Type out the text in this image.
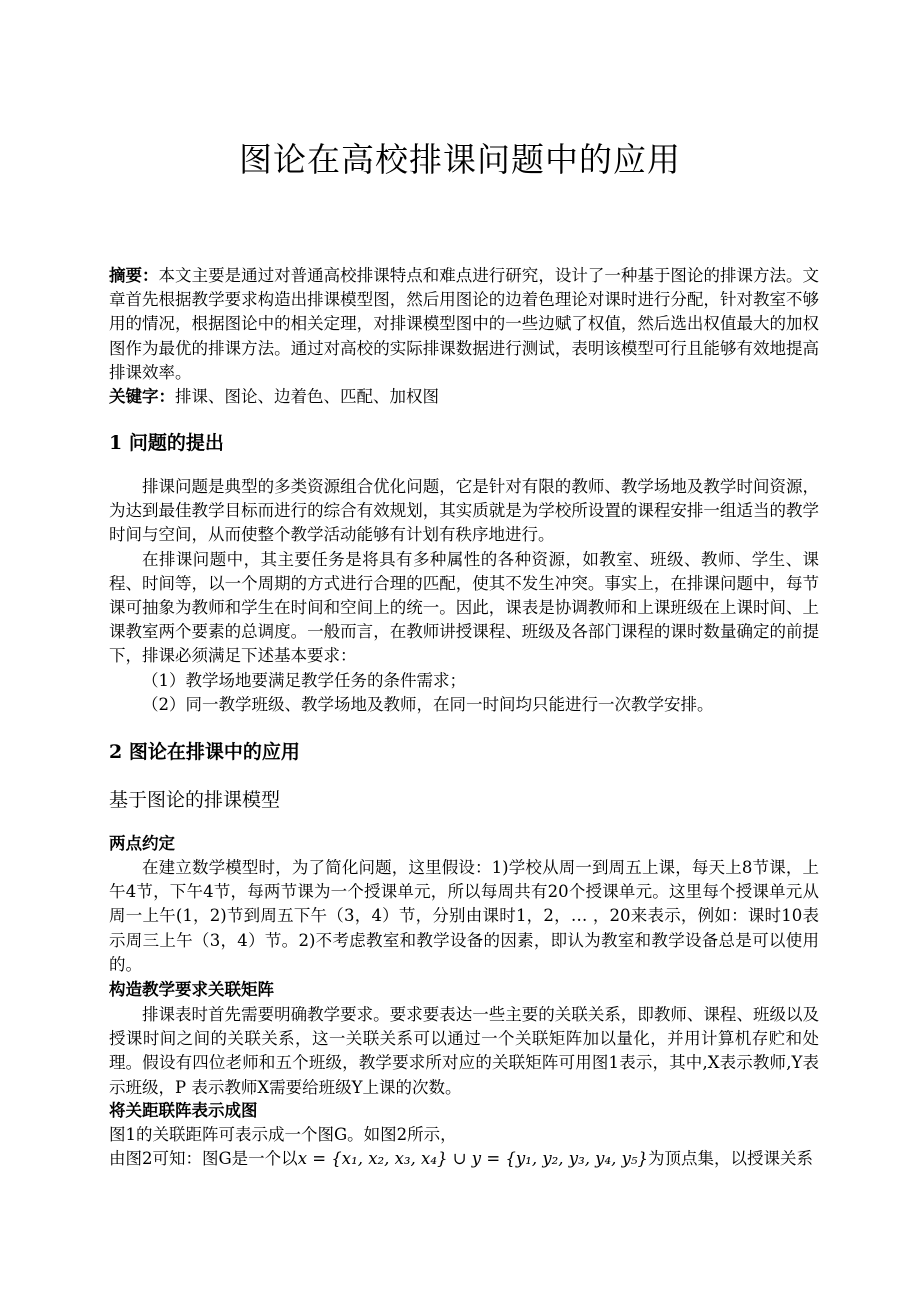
图论在高校排课问题中的应用

摘要：本文主要是通过对普通高校排课特点和难点进行研究，设计了一种基于图论的排课方法。文章首先根据教学要求构造出排课模型图，然后用图论的边着色理论对课时进行分配，针对教室不够用的情况，根据图论中的相关定理，对排课模型图中的一些边赋了权值，然后选出权值最大的加权图作为最优的排课方法。通过对高校的实际排课数据进行测试，表明该模型可行且能够有效地提高排课效率。

关键字：排课、图论、边着色、匹配、加权图

1 问题的提出

排课问题是典型的多类资源组合优化问题，它是针对有限的教师、教学场地及教学时间资源，为达到最佳教学目标而进行的综合有效规划，其实质就是为学校所设置的课程安排一组适当的教学时间与空间，从而使整个教学活动能够有计划有秩序地进行。

在排课问题中，其主要任务是将具有多种属性的各种资源，如教室、班级、教师、学生、课程、时间等，以一个周期的方式进行合理的匹配，使其不发生冲突。事实上，在排课问题中，每节课可抽象为教师和学生在时间和空间上的统一。因此，课表是协调教师和上课班级在上课时间、上课教室两个要素的总调度。一般而言，在教师讲授课程、班级及各部门课程的课时数量确定的前提下，排课必须满足下述基本要求：

（1）教学场地要满足教学任务的条件需求；

（2）同一教学班级、教学场地及教师，在同一时间均只能进行一次教学安排。

2 图论在排课中的应用
基于图论的排课模型
两点约定

在建立数学模型时，为了简化问题，这里假设：1)学校从周一到周五上课，每天上8节课，上午4节，下午4节，每两节课为一个授课单元，所以每周共有20个授课单元。这里每个授课单元从周一上午(1，2)节到周五下午（3，4）节，分别由课时1，2，… ，20来表示，例如：课时10表示周三上午（3，4）节。2)不考虑教室和教学设备的因素，即认为教室和教学设备总是可以使用的。

构造教学要求关联矩阵

排课表时首先需要明确教学要求。要求要表达一些主要的关联关系，即教师、课程、班级以及授课时间之间的关联关系，这一关联关系可以通过一个关联矩阵加以量化，并用计算机存贮和处理。假设有四位老师和五个班级，教学要求所对应的关联矩阵可用图1表示，其中,X表示教师,Y表示班级，P 表示教师X需要给班级Y上课的次数。

将关距联阵表示成图

图1的关联距阵可表示成一个图G。如图2所示，

由图2可知：图G是一个以x = {x₁, x₂, x₃, x₄} ∪ y = {y₁, y₂, y₃, y₄, y₅}为顶点集，以授课关系
